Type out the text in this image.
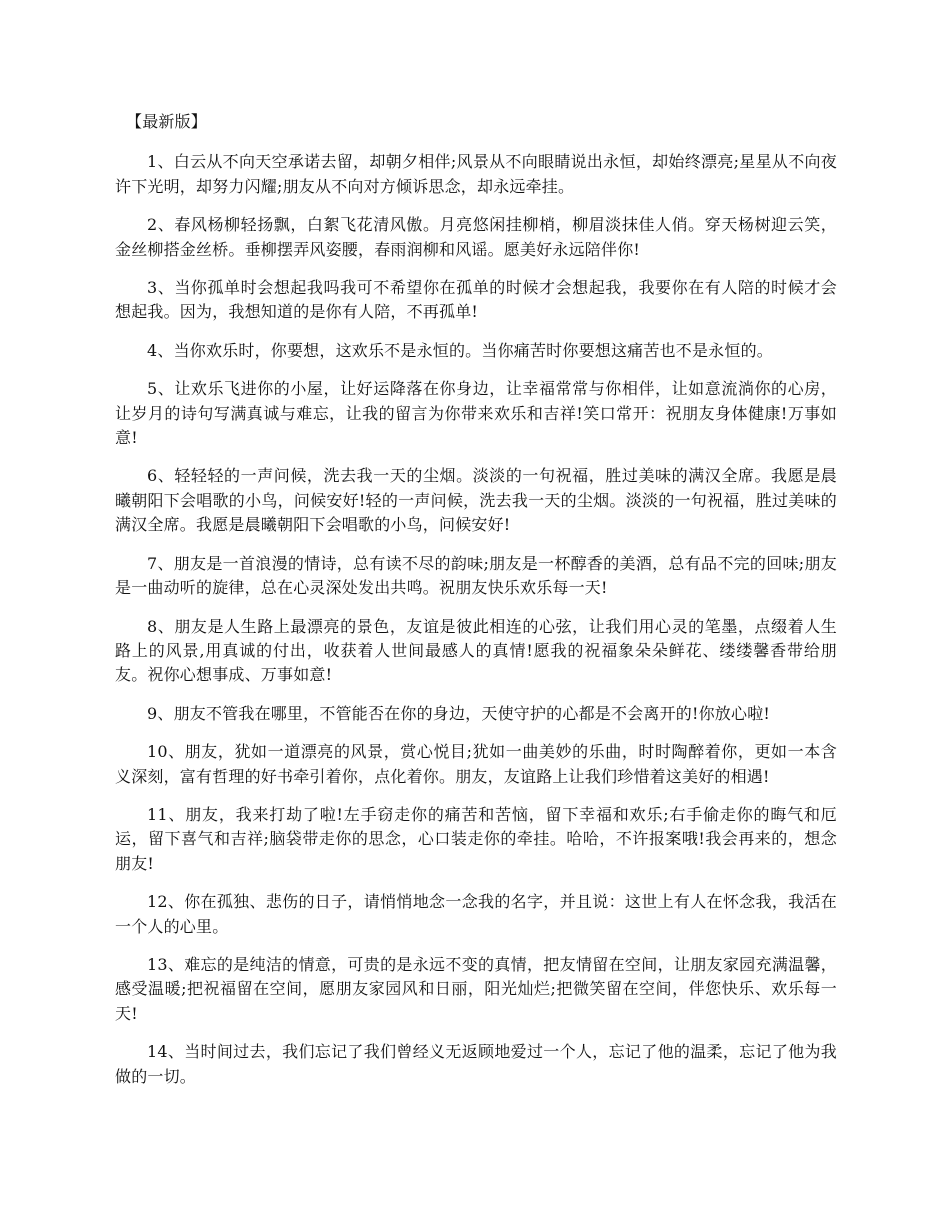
【最新版】

1、白云从不向天空承诺去留，却朝夕相伴;风景从不向眼睛说出永恒，却始终漂亮;星星从不向夜许下光明，却努力闪耀;朋友从不向对方倾诉思念，却永远牵挂。

2、春风杨柳轻扬飘，白絮飞花清风傲。月亮悠闲挂柳梢，柳眉淡抹佳人俏。穿天杨树迎云笑，金丝柳搭金丝桥。垂柳摆弄风姿腰，春雨润柳和风谣。愿美好永远陪伴你!

3、当你孤单时会想起我吗我可不希望你在孤单的时候才会想起我，我要你在有人陪的时候才会想起我。因为，我想知道的是你有人陪，不再孤单!

4、当你欢乐时，你要想，这欢乐不是永恒的。当你痛苦时你要想这痛苦也不是永恒的。

5、让欢乐飞进你的小屋，让好运降落在你身边，让幸福常常与你相伴，让如意流淌你的心房，让岁月的诗句写满真诚与难忘，让我的留言为你带来欢乐和吉祥!笑口常开：祝朋友身体健康!万事如意!

6、轻轻轻的一声问候，洗去我一天的尘烟。淡淡的一句祝福，胜过美味的满汉全席。我愿是晨曦朝阳下会唱歌的小鸟，问候安好!轻的一声问候，洗去我一天的尘烟。淡淡的一句祝福，胜过美味的满汉全席。我愿是晨曦朝阳下会唱歌的小鸟，问候安好!

7、朋友是一首浪漫的情诗，总有读不尽的韵味;朋友是一杯醇香的美酒，总有品不完的回味;朋友是一曲动听的旋律，总在心灵深处发出共鸣。祝朋友快乐欢乐每一天!

8、朋友是人生路上最漂亮的景色，友谊是彼此相连的心弦，让我们用心灵的笔墨，点缀着人生路上的风景,用真诚的付出，收获着人世间最感人的真情!愿我的祝福象朵朵鲜花、缕缕馨香带给朋友。祝你心想事成、万事如意!

9、朋友不管我在哪里，不管能否在你的身边，天使守护的心都是不会离开的!你放心啦!

10、朋友，犹如一道漂亮的风景，赏心悦目;犹如一曲美妙的乐曲，时时陶醉着你，更如一本含义深刻，富有哲理的好书牵引着你，点化着你。朋友，友谊路上让我们珍惜着这美好的相遇!

11、朋友，我来打劫了啦!左手窃走你的痛苦和苦恼，留下幸福和欢乐;右手偷走你的晦气和厄运，留下喜气和吉祥;脑袋带走你的思念，心口装走你的牵挂。哈哈，不许报案哦!我会再来的，想念朋友!

12、你在孤独、悲伤的日子，请悄悄地念一念我的名字，并且说：这世上有人在怀念我，我活在一个人的心里。

13、难忘的是纯洁的情意，可贵的是永远不变的真情，把友情留在空间，让朋友家园充满温馨，感受温暖;把祝福留在空间，愿朋友家园风和日丽，阳光灿烂;把微笑留在空间，伴您快乐、欢乐每一天!

14、当时间过去，我们忘记了我们曾经义无返顾地爱过一个人，忘记了他的温柔，忘记了他为我做的一切。
